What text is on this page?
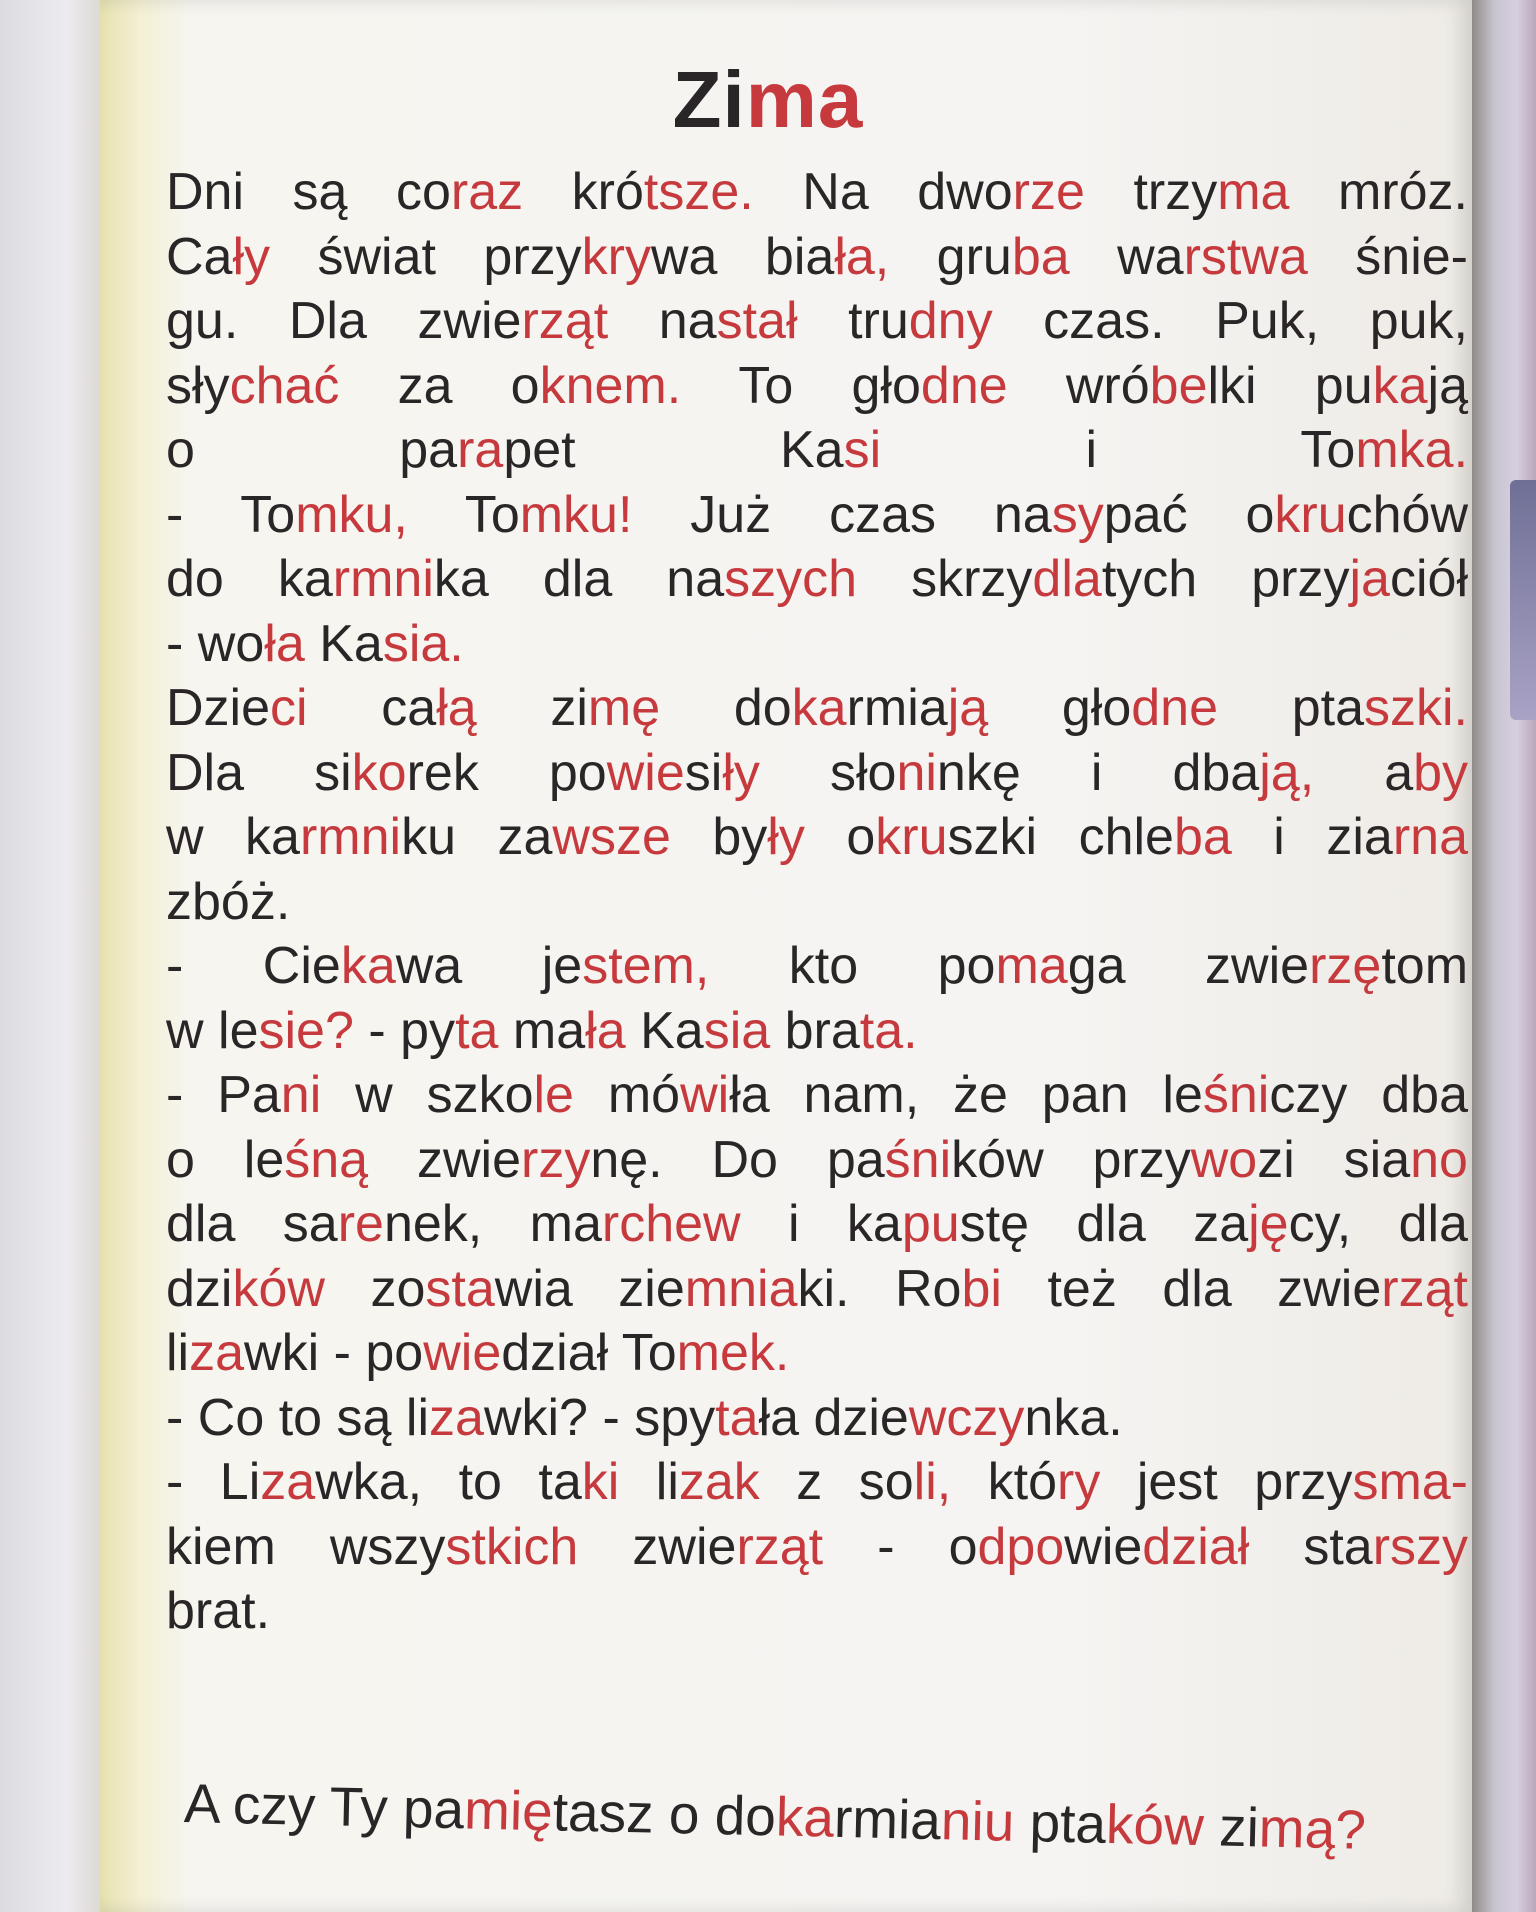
Zima
Dni są coraz krótsze. Na dworze trzyma mróz.
Cały świat przykrywa biała, gruba warstwa śnie-
gu. Dla zwierząt nastał trudny czas. Puk, puk,
słychać za oknem. To głodne wróbelki pukają
o	parapet	Kasi	i	Tomka.
- Tomku, Tomku! Już czas nasypać okruchów
do karmnika dla naszych skrzydlatych przyjaciół
- woła Kasia.
Dzieci całą zimę dokarmiają głodne ptaszki.
Dla sikorek powiesiły słoninkę i dbają, aby
w karmniku zawsze były okruszki chleba i ziarna
zbóż.
- Ciekawa jestem, kto pomaga zwierzętom
w lesie? - pyta mała Kasia brata.
- Pani w szkole mówiła nam, że pan leśniczy dba
o leśną zwierzynę. Do paśników przywozi siano
dla sarenek, marchew i kapustę dla zajęcy, dla
dzików zostawia ziemniaki. Robi też dla zwierząt
lizawki - powiedział Tomek.
- Co to są lizawki? - spytała dziewczynka.
- Lizawka, to taki lizak z soli, który jest przysma-
kiem wszystkich zwierząt - odpowiedział starszy
brat.
A czy Ty pamiętasz o dokarmianiu ptaków zimą?
